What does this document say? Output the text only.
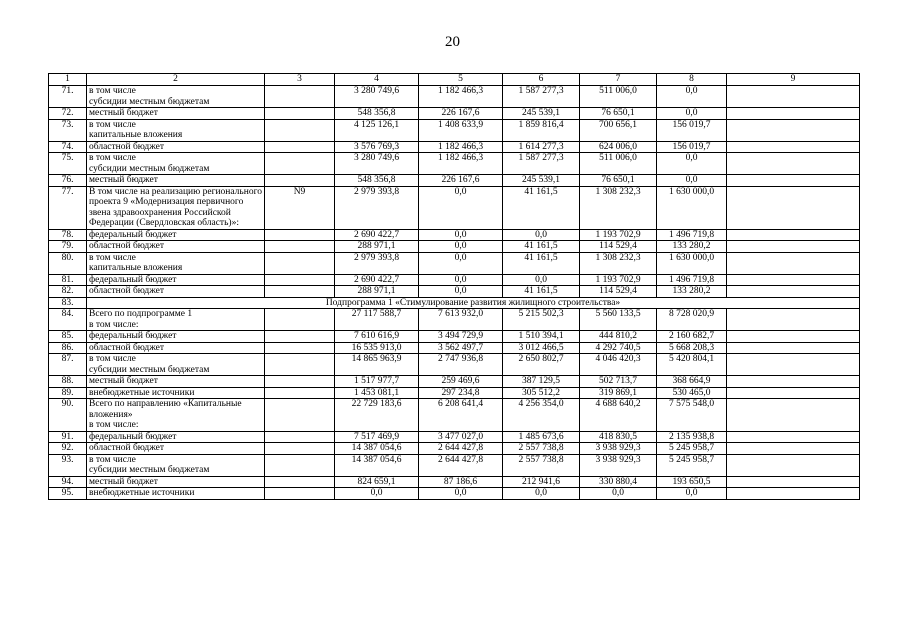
20
1	2	3	4	5	6	7	8	9
71.	в том числе
субсидии местным бюджетам		3 280 749,6	1 182 466,3	1 587 277,3	511 006,0	0,0	
72.	местный бюджет		548 356,8	226 167,6	245 539,1	76 650,1	0,0	
73.	в том числе
капитальные вложения		4 125 126,1	1 408 633,9	1 859 816,4	700 656,1	156 019,7	
74.	областной бюджет		3 576 769,3	1 182 466,3	1 614 277,3	624 006,0	156 019,7	
75.	в том числе
субсидии местным бюджетам		3 280 749,6	1 182 466,3	1 587 277,3	511 006,0	0,0	
76.	местный бюджет		548 356,8	226 167,6	245 539,1	76 650,1	0,0	
77.	В том числе на реализацию регионального проекта 9 «Модернизация первичного звена здравоохранения Российской Федерации (Свердловская область)»:	N9	2 979 393,8	0,0	41 161,5	1 308 232,3	1 630 000,0	
78.	федеральный бюджет		2 690 422,7	0,0	0,0	1 193 702,9	1 496 719,8	
79.	областной бюджет		288 971,1	0,0	41 161,5	114 529,4	133 280,2	
80.	в том числе
капитальные вложения		2 979 393,8	0,0	41 161,5	1 308 232,3	1 630 000,0	
81.	федеральный бюджет		2 690 422,7	0,0	0,0	1 193 702,9	1 496 719,8	
82.	областной бюджет		288 971,1	0,0	41 161,5	114 529,4	133 280,2	
83.	Подпрограмма 1 «Стимулирование развития жилищного строительства»							
84.	Всего по подпрограмме 1
в том числе:		27 117 588,7	7 613 932,0	5 215 502,3	5 560 133,5	8 728 020,9	
85.	федеральный бюджет		7 610 616,9	3 494 729,9	1 510 394,1	444 810,2	2 160 682,7	
86.	областной бюджет		16 535 913,0	3 562 497,7	3 012 466,5	4 292 740,5	5 668 208,3	
87.	в том числе
субсидии местным бюджетам		14 865 963,9	2 747 936,8	2 650 802,7	4 046 420,3	5 420 804,1	
88.	местный бюджет		1 517 977,7	259 469,6	387 129,5	502 713,7	368 664,9	
89.	внебюджетные источники		1 453 081,1	297 234,8	305 512,2	319 869,1	530 465,0	
90.	Всего по направлению «Капитальные вложения»
в том числе:		22 729 183,6	6 208 641,4	4 256 354,0	4 688 640,2	7 575 548,0	
91.	федеральный бюджет		7 517 469,9	3 477 027,0	1 485 673,6	418 830,5	2 135 938,8	
92.	областной бюджет		14 387 054,6	2 644 427,8	2 557 738,8	3 938 929,3	5 245 958,7	
93.	в том числе
субсидии местным бюджетам		14 387 054,6	2 644 427,8	2 557 738,8	3 938 929,3	5 245 958,7	
94.	местный бюджет		824 659,1	87 186,6	212 941,6	330 880,4	193 650,5	
95.	внебюджетные источники		0,0	0,0	0,0	0,0	0,0	
